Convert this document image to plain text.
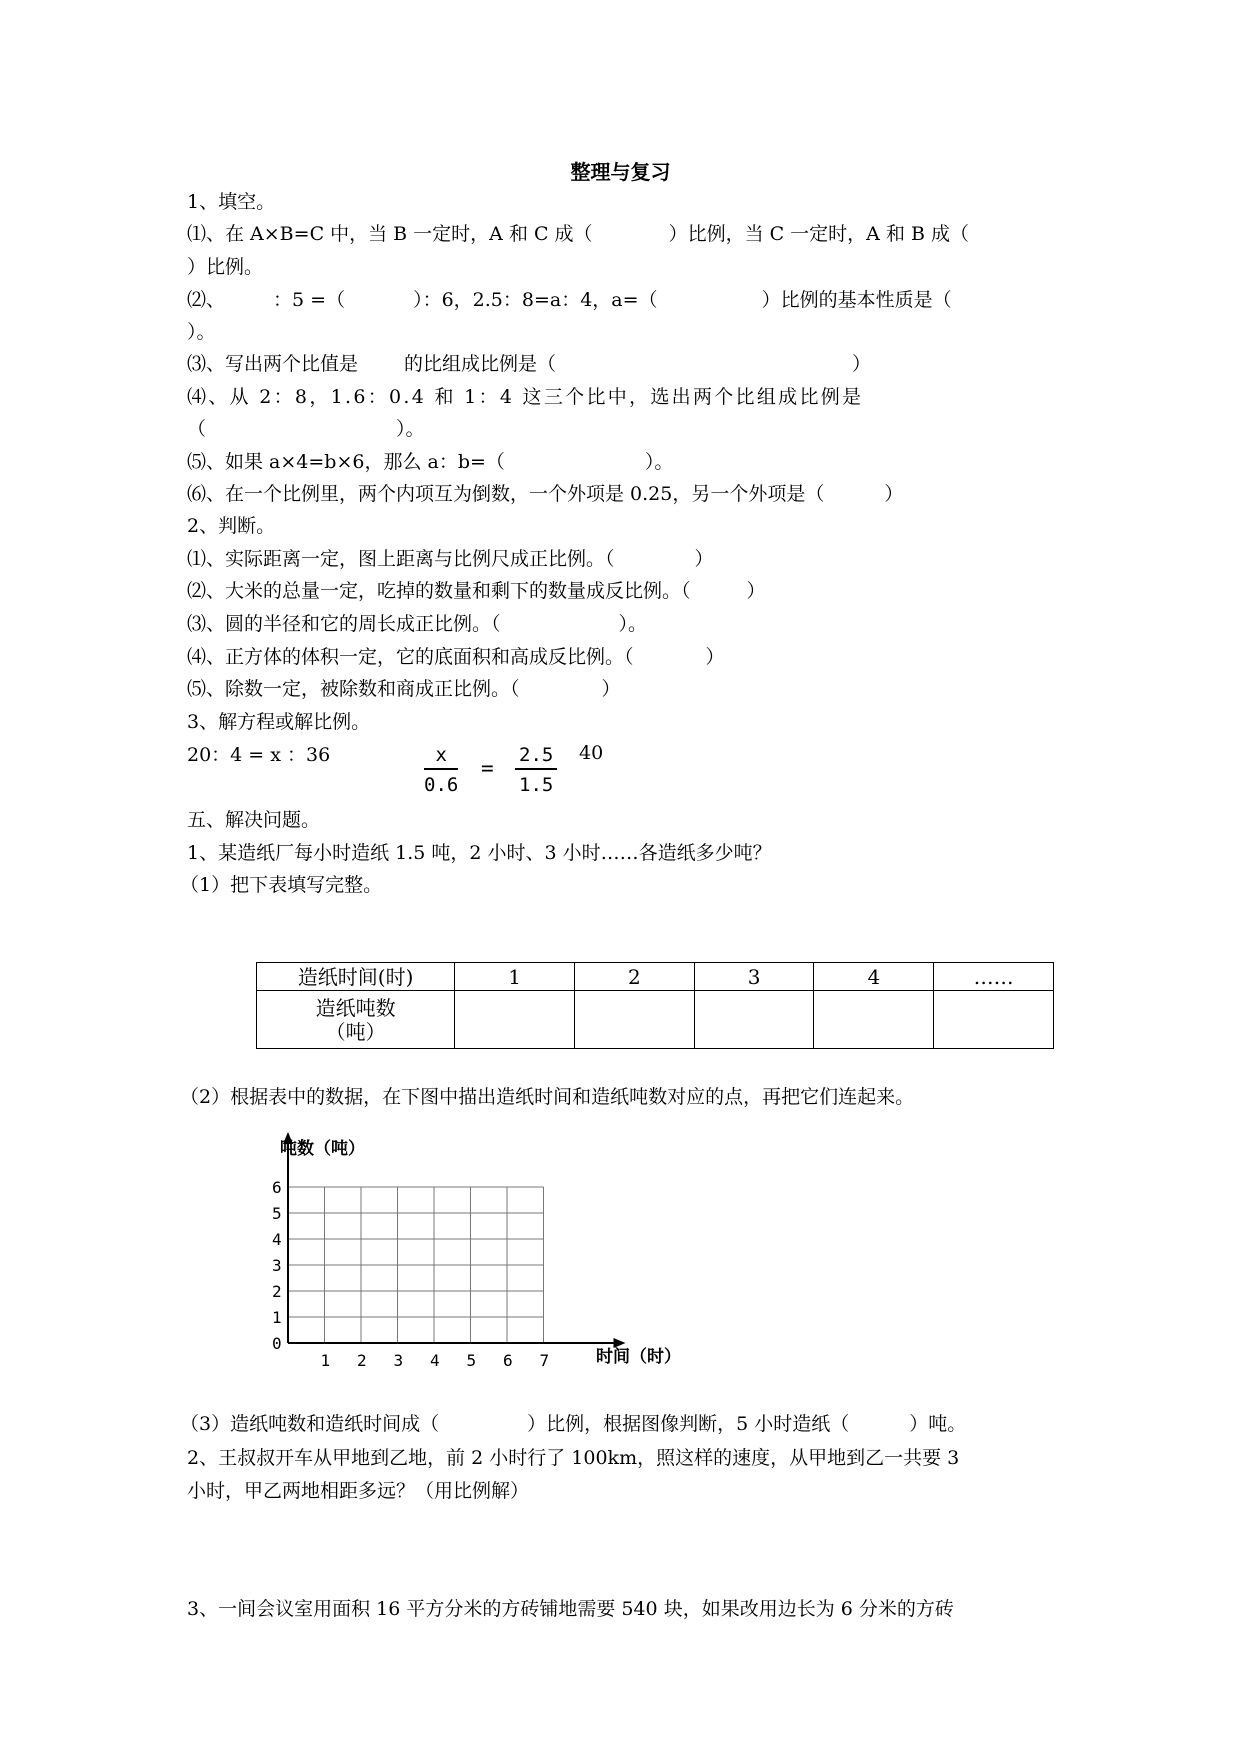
整理与复习
1、填空。
⑴、在 A×B=C 中，当 B 一定时，A 和 C 成（	）比例，当 C 一定时，A 和 B 成（
）比例。
⑵、	：5 =（	）：6，2.5：8=a：4，a=（	）比例的基本性质是（
）。
⑶、写出两个比值是 的比组成比例是（	）
⑷、从 2：8，1.6：0.4 和 1：4 这三个比中，选出两个比组成比例是
（	）。
⑸、如果 a×4=b×6，那么 a：b=（	）。
⑹、在一个比例里，两个内项互为倒数，一个外项是 0.25，另一个外项是（	）
2、判断。
⑴、实际距离一定，图上距离与比例尺成正比例。（	）
⑵、大米的总量一定，吃掉的数量和剩下的数量成反比例。（	）
⑶、圆的半径和它的周长成正比例。（	）。
⑷、正方体的体积一定，它的底面积和高成反比例。（	）
⑸、除数一定，被除数和商成正比例。（	）
3、解方程或解比例。
20：4 = x ：36	$\frac{x}{0.6} = \frac{2.5}{1.5} 40$
五、解决问题。
1、某造纸厂每小时造纸 1.5 吨，2 小时、3 小时……各造纸多少吨？
（1）把下表填写完整。
造纸时间(时)	1	2	3	4	……

造纸吨数
（吨）					

（2）根据表中的数据，在下图中描出造纸时间和造纸吨数对应的点，再把它们连起来。
0
1
2
3
4
5
6
1 2 3 4 5 6 7
吨数（吨）
时间（时）
（3）造纸吨数和造纸时间成（	）比例，根据图像判断，5 小时造纸（	）吨。
2、王叔叔开车从甲地到乙地，前 2 小时行了 100km，照这样的速度，从甲地到乙一共要 3
小时，甲乙两地相距多远？（用比例解）
3、一间会议室用面积 16 平方分米的方砖铺地需要 540 块，如果改用边长为 6 分米的方砖
